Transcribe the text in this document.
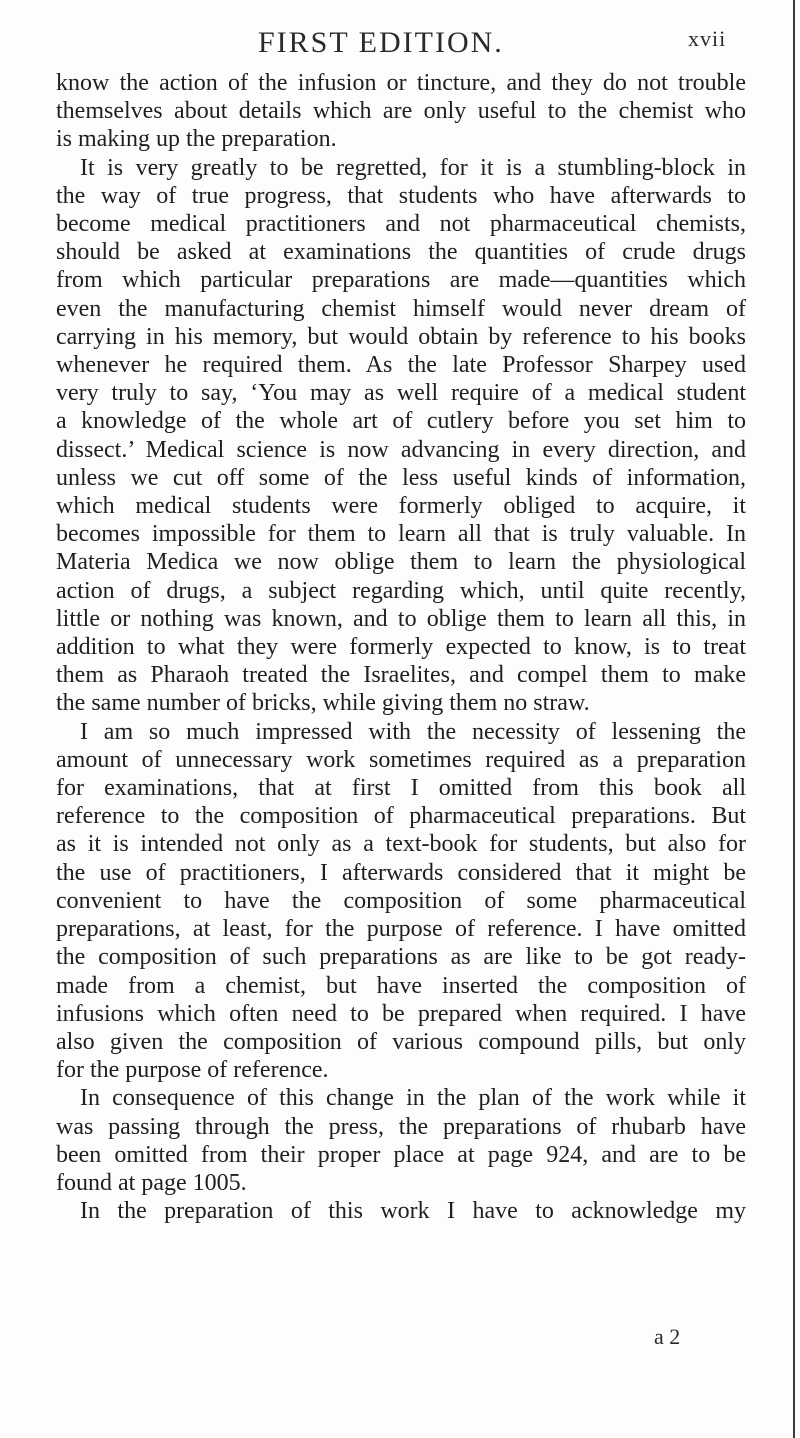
FIRST EDITION.	xvii
know the action of the infusion or tincture, and they do not trouble
themselves about details which are only useful to the chemist who
is making up the preparation.
It is very greatly to be regretted, for it is a stumbling-block in
the way of true progress, that students who have afterwards to
become medical practitioners and not pharmaceutical chemists,
should be asked at examinations the quantities of crude drugs
from which particular preparations are made—quantities which
even the manufacturing chemist himself would never dream of
carrying in his memory, but would obtain by reference to his books
whenever he required them. As the late Professor Sharpey used
very truly to say, ‘You may as well require of a medical student
a knowledge of the whole art of cutlery before you set him to
dissect.’ Medical science is now advancing in every direction, and
unless we cut off some of the less useful kinds of information,
which medical students were formerly obliged to acquire, it
becomes impossible for them to learn all that is truly valuable. In
Materia Medica we now oblige them to learn the physiological
action of drugs, a subject regarding which, until quite recently,
little or nothing was known, and to oblige them to learn all this, in
addition to what they were formerly expected to know, is to treat
them as Pharaoh treated the Israelites, and compel them to make
the same number of bricks, while giving them no straw.
I am so much impressed with the necessity of lessening the
amount of unnecessary work sometimes required as a preparation
for examinations, that at first I omitted from this book all
reference to the composition of pharmaceutical preparations. But
as it is intended not only as a text-book for students, but also for
the use of practitioners, I afterwards considered that it might be
convenient to have the composition of some pharmaceutical
preparations, at least, for the purpose of reference. I have omitted
the composition of such preparations as are like to be got ready-
made from a chemist, but have inserted the composition of
infusions which often need to be prepared when required. I have
also given the composition of various compound pills, but only
for the purpose of reference.
In consequence of this change in the plan of the work while it
was passing through the press, the preparations of rhubarb have
been omitted from their proper place at page 924, and are to be
found at page 1005.
In the preparation of this work I have to acknowledge my
a 2
